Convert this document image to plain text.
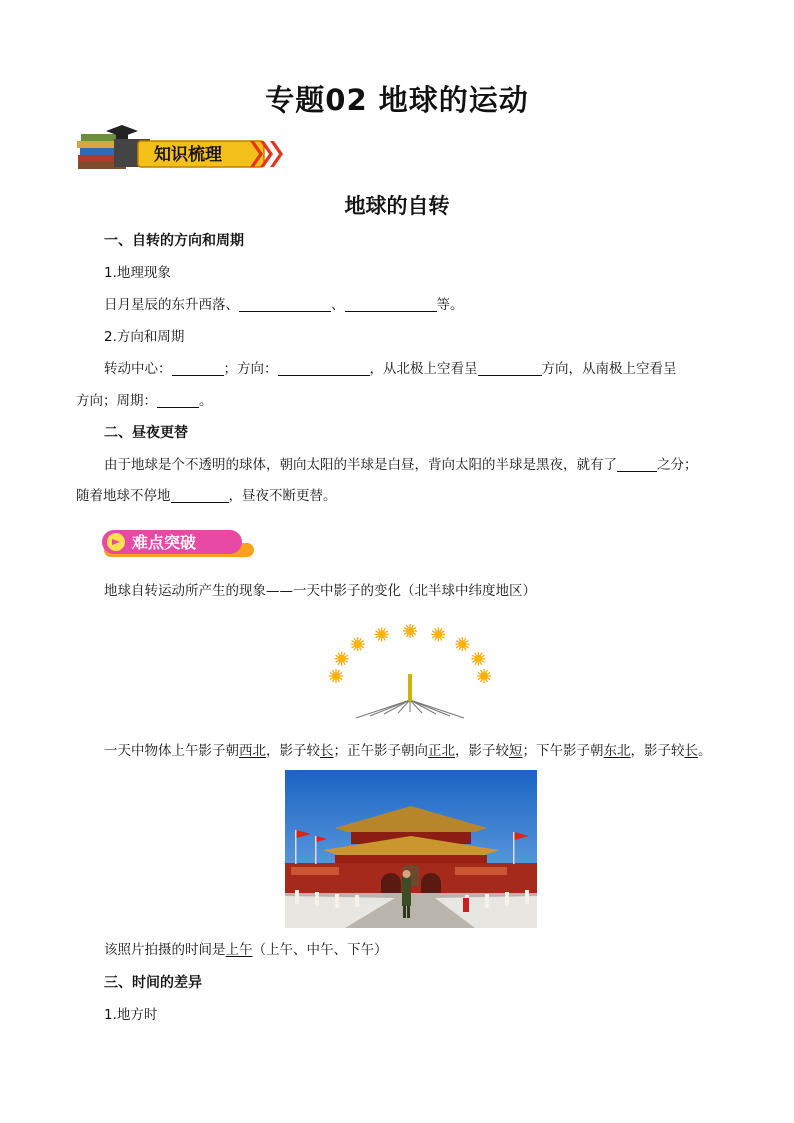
专题02 地球的运动
知识梳理
地球的自转
一、自转的方向和周期
1.地理现象
日月星辰的东升西落、	、	等。
2.方向和周期
转动中心：	；方向：	，从北极上空看呈	方向，从南极上空看呈
方向；周期：	。
二、昼夜更替
由于地球是个不透明的球体，朝向太阳的半球是白昼，背向太阳的半球是黑夜，就有了	之分；
随着地球不停地	，昼夜不断更替。
难点突破
地球自转运动所产生的现象——一天中影子的变化（北半球中纬度地区）
一天中物体上午影子朝西北，影子较长；正午影子朝向正北，影子较短；下午影子朝东北，影子较长。
该照片拍摄的时间是上午（上午、中午、下午）
三、时间的差异
1.地方时
